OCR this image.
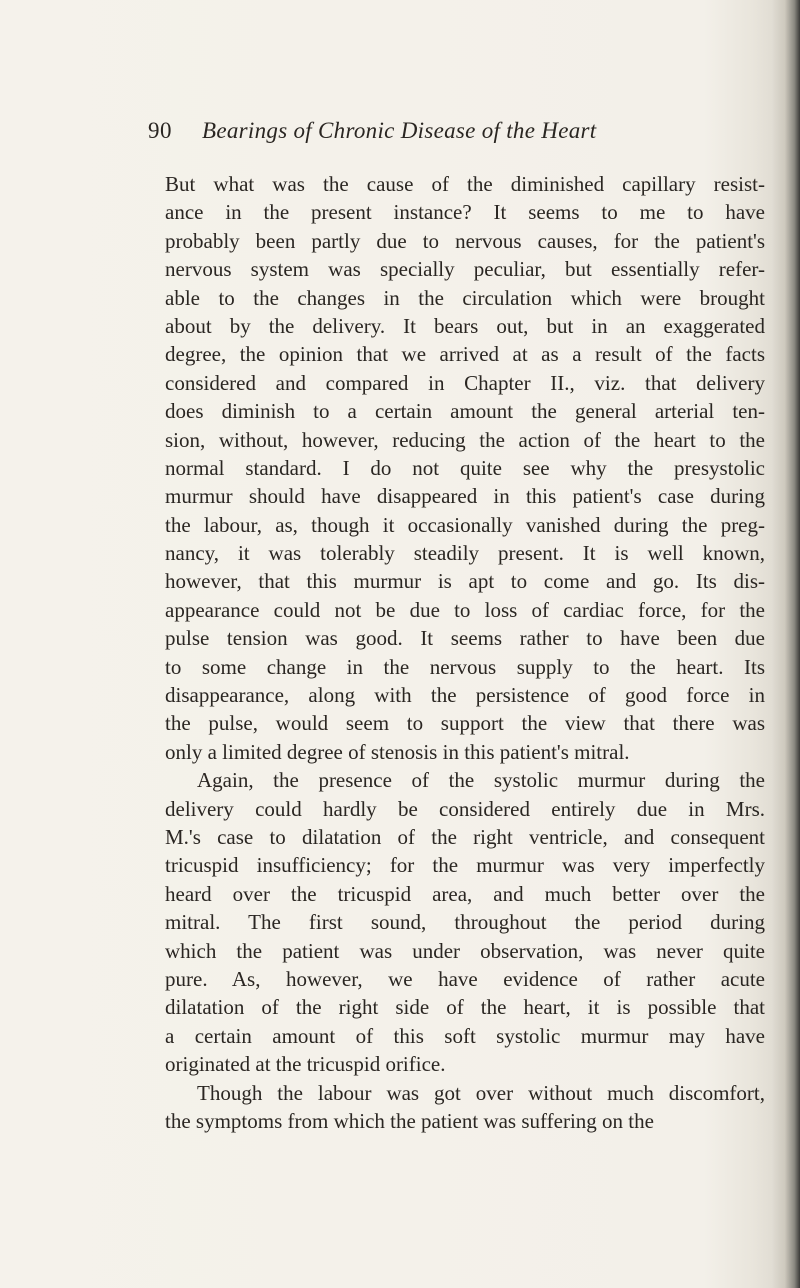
90 Bearings of Chronic Disease of the Heart
But what was the cause of the diminished capillary resist-
ance in the present instance? It seems to me to have
probably been partly due to nervous causes, for the patient's
nervous system was specially peculiar, but essentially refer-
able to the changes in the circulation which were brought
about by the delivery. It bears out, but in an exaggerated
degree, the opinion that we arrived at as a result of the facts
considered and compared in Chapter II., viz. that delivery
does diminish to a certain amount the general arterial ten-
sion, without, however, reducing the action of the heart to the
normal standard. I do not quite see why the presystolic
murmur should have disappeared in this patient's case during
the labour, as, though it occasionally vanished during the preg-
nancy, it was tolerably steadily present. It is well known,
however, that this murmur is apt to come and go. Its dis-
appearance could not be due to loss of cardiac force, for the
pulse tension was good. It seems rather to have been due
to some change in the nervous supply to the heart. Its
disappearance, along with the persistence of good force in
the pulse, would seem to support the view that there was
only a limited degree of stenosis in this patient's mitral.
Again, the presence of the systolic murmur during the
delivery could hardly be considered entirely due in Mrs.
M.'s case to dilatation of the right ventricle, and consequent
tricuspid insufficiency; for the murmur was very imperfectly
heard over the tricuspid area, and much better over the
mitral. The first sound, throughout the period during
which the patient was under observation, was never quite
pure. As, however, we have evidence of rather acute
dilatation of the right side of the heart, it is possible that
a certain amount of this soft systolic murmur may have
originated at the tricuspid orifice.
Though the labour was got over without much discomfort,
the symptoms from which the patient was suffering on the
